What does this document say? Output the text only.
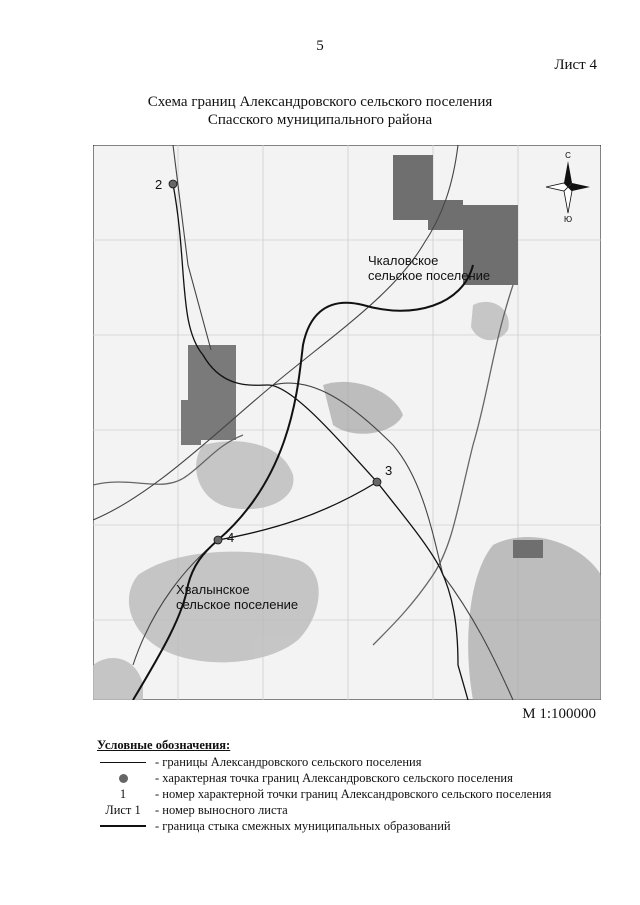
5
Лист 4
Схема границ Александровского сельского поселения
Спасского муниципального района
С
Ю
2
3
4
Чкаловское
сельское поселение
Хвалынское
сельское поселение
М 1:100000
Условные обозначения:
- границы Александровского сельского поселения
- характерная точка границ Александровского сельского поселения
1	- номер характерной точки границ Александровского сельского поселения
Лист 1	- номер выносного листа
- граница стыка смежных муниципальных образований
